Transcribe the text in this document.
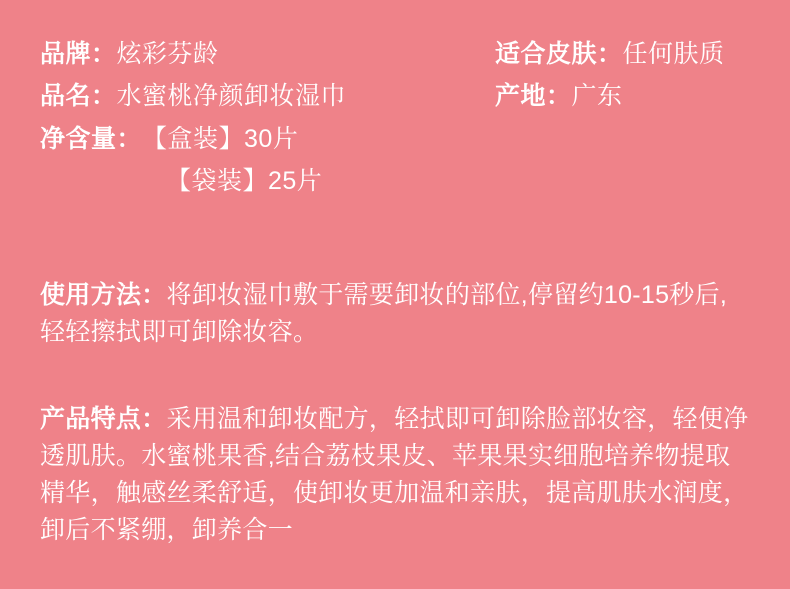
品牌： 炫彩芬龄	适合皮肤： 任何肤质
品名： 水蜜桃净颜卸妆湿巾	产地： 广东
净含量： 【盒装】30片
【袋装】25片

使用方法：将卸妆湿巾敷于需要卸妆的部位,停留约10-15秒后,轻轻擦拭即可卸除妆容。

产品特点：采用温和卸妆配方，轻拭即可卸除脸部妆容，轻便净透肌肤。水蜜桃果香,结合荔枝果皮、苹果果实细胞培养物提取精华，触感丝柔舒适，使卸妆更加温和亲肤，提高肌肤水润度，卸后不紧绷，卸养合一
